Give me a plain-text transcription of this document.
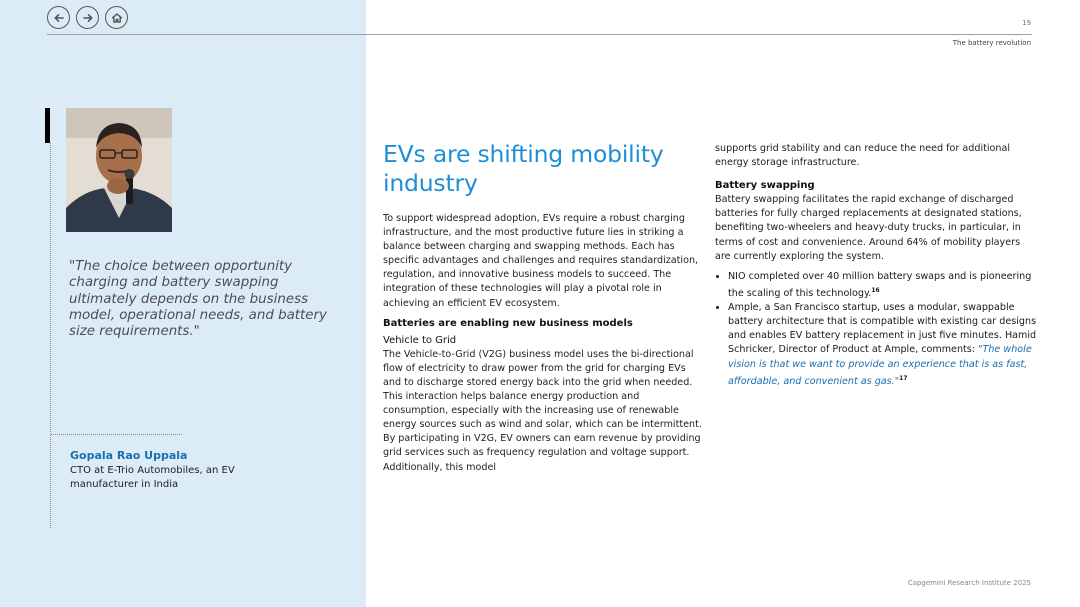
19
The battery revolution

"The choice between opportunity charging and battery swapping ultimately depends on the business model, operational needs, and battery size requirements."

Gopala Rao Uppala
CTO at E-Trio Automobiles, an EV manufacturer in India
EVs are shifting mobility industry

To support widespread adoption, EVs require a robust charging infrastructure, and the most productive future lies in striking a balance between charging and swapping methods. Each has specific advantages and challenges and requires standardization, regulation, and innovative business models to succeed. The integration of these technologies will play a pivotal role in achieving an efficient EV ecosystem.

Batteries are enabling new business models
Vehicle to Grid

The Vehicle-to-Grid (V2G) business model uses the bi-directional flow of electricity to draw power from the grid for charging EVs and to discharge stored energy back into the grid when needed. This interaction helps balance energy production and consumption, especially with the increasing use of renewable energy sources such as wind and solar, which can be intermittent. By participating in V2G, EV owners can earn revenue by providing grid services such as frequency regulation and voltage support. Additionally, this model

supports grid stability and can reduce the need for additional energy storage infrastructure.

Battery swapping

Battery swapping facilitates the rapid exchange of discharged batteries for fully charged replacements at designated stations, benefiting two-wheelers and heavy-duty trucks, in particular, in terms of cost and convenience. Around 64% of mobility players are currently exploring the system.

• NIO completed over 40 million battery swaps and is pioneering the scaling of this technology.$^{16}$
• Ample, a San Francisco startup, uses a modular, swappable battery architecture that is compatible with existing car designs and enables EV battery replacement in just five minutes. Hamid Schricker, Director of Product at Ample, comments: "The whole vision is that we want to provide an experience that is as fast, affordable, and convenient as gas."$^{17}$
Capgemini Research Institute 2025
